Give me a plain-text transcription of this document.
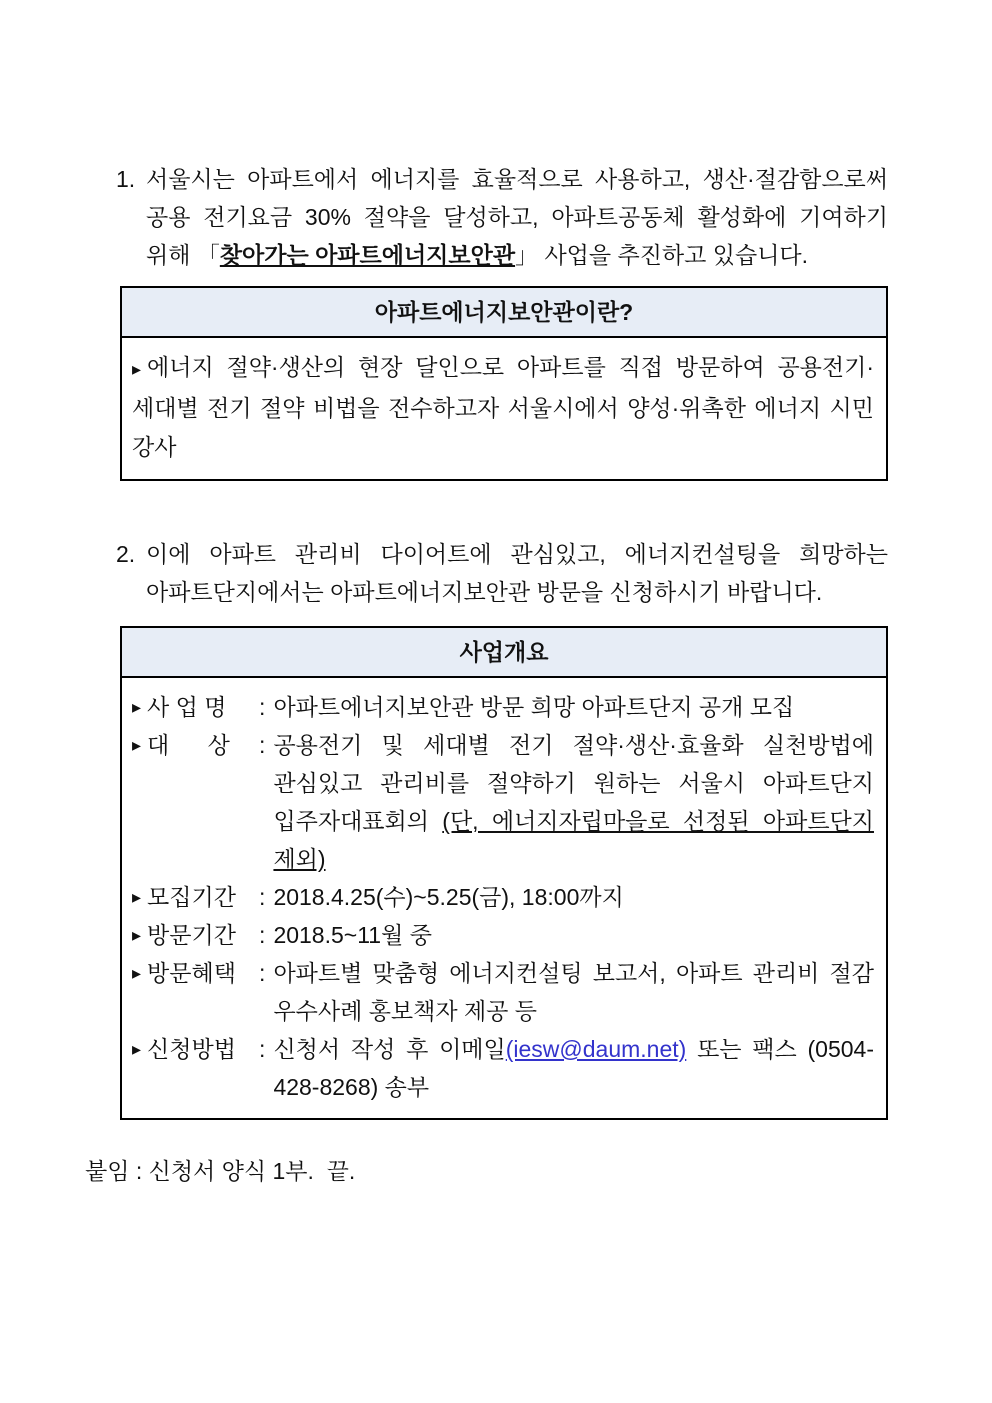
1. 서울시는 아파트에서 에너지를 효율적으로 사용하고, 생산·절감함으로써 공용 전기요금 30% 절약을 달성하고, 아파트공동체 활성화에 기여하기 위해 「찾아가는 아파트에너지보안관」 사업을 추진하고 있습니다.
아파트에너지보안관이란?
▸ 에너지 절약·생산의 현장 달인으로 아파트를 직접 방문하여 공용전기·세대별 전기 절약 비법을 전수하고자 서울시에서 양성·위촉한 에너지 시민 강사
2. 이에 아파트 관리비 다이어트에 관심있고, 에너지컨설팅을 희망하는 아파트단지에서는 아파트에너지보안관 방문을 신청하시기 바랍니다.
사업개요
▸ 사 업 명	: 아파트에너지보안관 방문 희망 아파트단지 공개 모집
▸ 대      상	: 공용전기 및 세대별 전기 절약·생산·효율화 실천방법에 관심있고 관리비를 절약하기 원하는 서울시 아파트단지 입주자대표회의 (단, 에너지자립마을로 선정된 아파트단지 제외)
▸ 모집기간	: 2018.4.25(수)~5.25(금), 18:00까지
▸ 방문기간	: 2018.5~11월 중
▸ 방문혜택	: 아파트별 맞춤형 에너지컨설팅 보고서, 아파트 관리비 절감 우수사례 홍보책자 제공 등
▸ 신청방법	: 신청서 작성 후 이메일(iesw@daum.net) 또는 팩스 (0504-428-8268) 송부
붙임 : 신청서 양식 1부.  끝.
